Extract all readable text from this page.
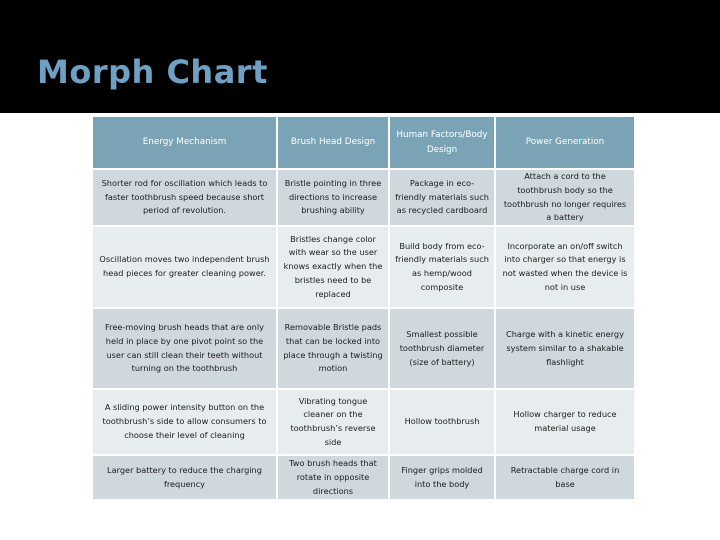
Morph Chart
Energy Mechanism	Brush Head Design	Human Factors/Body Design	Power Generation
Shorter rod for oscillation which leads to faster toothbrush speed because short period of revolution.	Bristle pointing in three directions to increase brushing ability	Package in eco-friendly materials such as recycled cardboard	Attach a cord to the toothbrush body so the toothbrush no longer requires a battery
Oscillation moves two independent brush head pieces for greater cleaning power.	Bristles change color with wear so the user knows exactly when the bristles need to be replaced	Build body from eco-friendly materials such as hemp/wood composite	Incorporate an on/off switch into charger so that energy is not wasted when the device is not in use
Free-moving brush heads that are only held in place by one pivot point so the user can still clean their teeth without turning on the toothbrush	Removable Bristle pads that can be locked into place through a twisting motion	Smallest possible toothbrush diameter (size of battery)	Charge with a kinetic energy system similar to a shakable flashlight
A sliding power intensity button on the toothbrush’s side to allow consumers to choose their level of cleaning	Vibrating tongue cleaner on the toothbrush’s reverse side	Hollow toothbrush	Hollow charger to reduce material usage
Larger battery to reduce the charging frequency	Two brush heads that rotate in opposite directions	Finger grips molded into the body	Retractable charge cord in base
